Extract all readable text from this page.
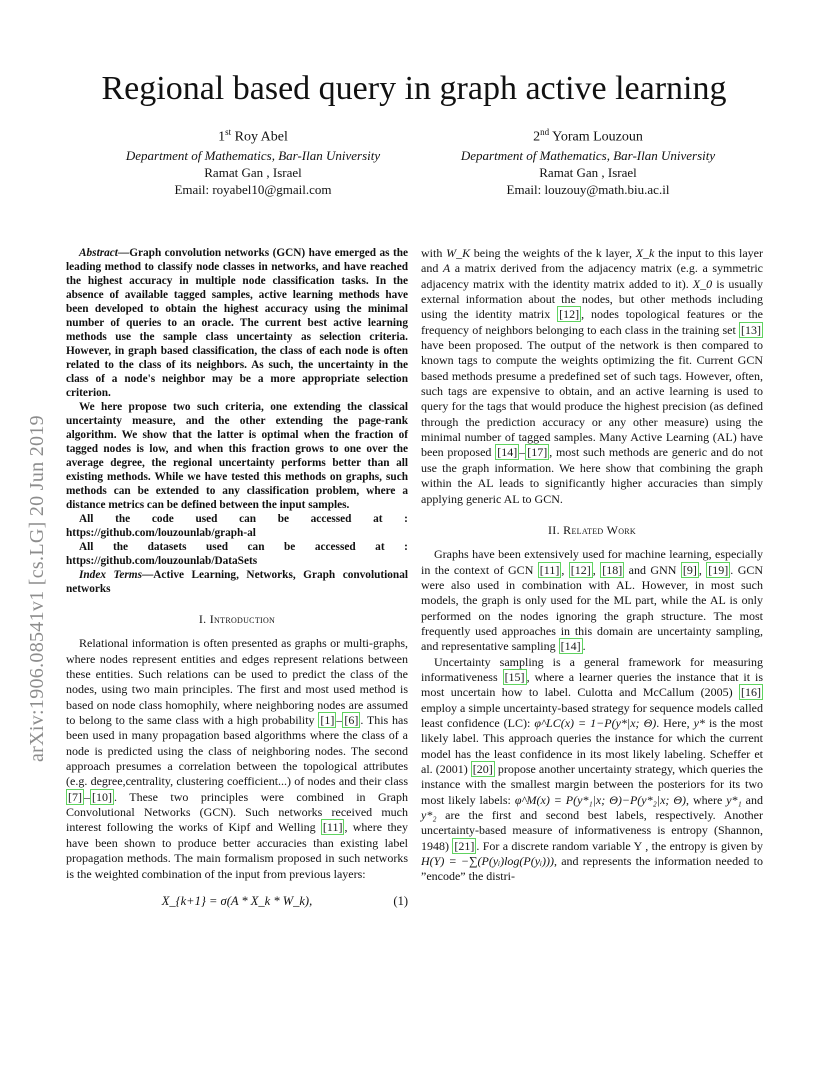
arXiv:1906.08541v1 [cs.LG] 20 Jun 2019
Regional based query in graph active learning
1st Roy Abel
Department of Mathematics, Bar-Ilan University
Ramat Gan , Israel
Email: royabel10@gmail.com
2nd Yoram Louzoun
Department of Mathematics, Bar-Ilan University
Ramat Gan , Israel
Email: louzouy@math.biu.ac.il

Abstract—Graph convolution networks (GCN) have emerged as the leading method to classify node classes in networks, and have reached the highest accuracy in multiple node classification tasks. In the absence of available tagged samples, active learning methods have been developed to obtain the highest accuracy using the minimal number of queries to an oracle. The current best active learning methods use the sample class uncertainty as selection criteria. However, in graph based classification, the class of each node is often related to the class of its neighbors. As such, the uncertainty in the class of a node's neighbor may be a more appropriate selection criterion.

We here propose two such criteria, one extending the classical uncertainty measure, and the other extending the page-rank algorithm. We show that the latter is optimal when the fraction of tagged nodes is low, and when this fraction grows to one over the average degree, the regional uncertainty performs better than all existing methods. While we have tested this methods on graphs, such methods can be extended to any classification problem, where a distance metrics can be defined between the input samples.

All the code used can be accessed at :
https://github.com/louzounlab/graph-al
All the datasets used can be accessed at :
https://github.com/louzounlab/DataSets

Index Terms—Active Learning, Networks, Graph convolutional networks

I. Introduction

Relational information is often presented as graphs or multi-graphs, where nodes represent entities and edges represent relations between these entities. Such relations can be used to predict the class of the nodes, using two main principles. The first and most used method is based on node class homophily, where neighboring nodes are assumed to belong to the same class with a high probability [1] – [6] . This has been used in many propagation based algorithms where the class of a node is predicted using the class of neighboring nodes. The second approach presumes a correlation between the topological attributes (e.g. degree,centrality, clustering coefficient...) of nodes and their class [7] – [10] . These two principles were combined in Graph Convolutional Networks (GCN). Such networks received much interest following the works of Kipf and Welling [11] , where they have been shown to produce better accuracies than existing label propagation methods. The main formalism proposed in such networks is the weighted combination of the input from previous layers:

X_{k+1} = σ(A * X_k * W_k),	(1)

with W_K being the weights of the k layer, X_k the input to this layer and A a matrix derived from the adjacency matrix (e.g. a symmetric adjacency matrix with the identity matrix added to it). X_0 is usually external information about the nodes, but other methods including using the identity matrix [12] , nodes topological features or the frequency of neighbors belonging to each class in the training set [13] have been proposed. The output of the network is then compared to known tags to compute the weights optimizing the fit. Current GCN based methods presume a predefined set of such tags. However, often, such tags are expensive to obtain, and an active learning is used to query for the tags that would produce the highest precision (as defined through the prediction accuracy or any other measure) using the minimal number of tagged samples. Many Active Learning (AL) have been proposed [14] – [17] , most such methods are generic and do not use the graph information. We here show that combining the graph within the AL leads to significantly higher accuracies than simply applying generic AL to GCN.

II. Related Work

Graphs have been extensively used for machine learning, especially in the context of GCN [11] , [12] , [18] and GNN [9] , [19] . GCN were also used in combination with AL. However, in most such models, the graph is only used for the ML part, while the AL is only performed on the nodes ignoring the graph structure. The most frequently used approaches in this domain are uncertainty sampling, and representative sampling [14] .

Uncertainty sampling is a general framework for measuring informativeness [15] , where a learner queries the instance that it is most uncertain how to label. Culotta and McCallum (2005) [16] employ a simple uncertainty-based strategy for sequence models called least confidence (LC): φ^LC(x) = 1−P(y*|x; Θ). Here, y* is the most likely label. This approach queries the instance for which the current model has the least confidence in its most likely labeling. Scheffer et al. (2001) [20] propose another uncertainty strategy, which queries the instance with the smallest margin between the posteriors for its two most likely labels: φ^M(x) = P(y*₁|x; Θ)−P(y*₂|x; Θ), where y*₁ and y*₂ are the first and second best labels, respectively. Another uncertainty-based measure of informativeness is entropy (Shannon, 1948) [21] . For a discrete random variable Y , the entropy is given by H(Y) = −∑(P(yᵢ)log(P(yᵢ))), and represents the information needed to ”encode” the distri-
